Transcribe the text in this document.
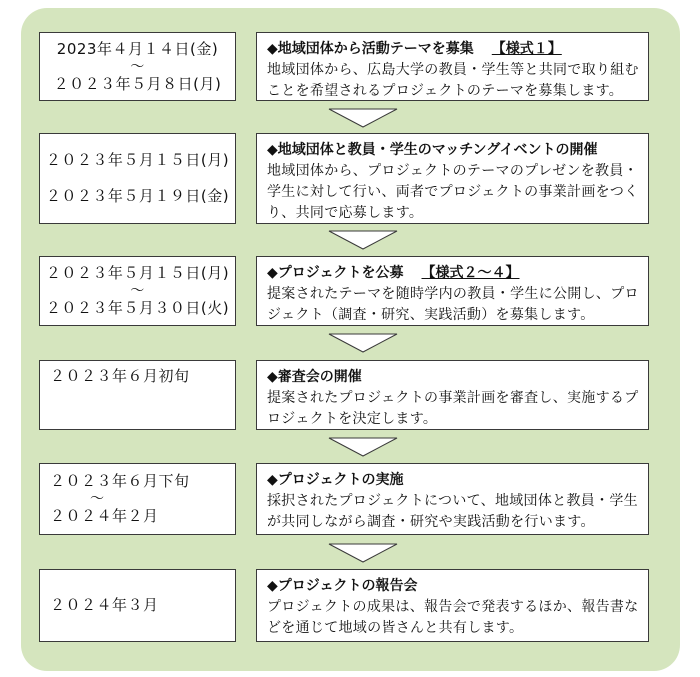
2023年４月１４日(金)
～
２０２３年５月８日(月)
◆地域団体から活動テーマを募集 【様式１】
地域団体から、広島大学の教員・学生等と共同で取り組むことを希望されるプロジェクトのテーマを募集します。
２０２３年５月１５日(月)
２０２３年５月１９日(金)
◆地域団体と教員・学生のマッチングイベントの開催
地域団体から、プロジェクトのテーマのプレゼンを教員・学生に対して行い、両者でプロジェクトの事業計画をつくり、共同で応募します。
２０２３年５月１５日(月)
～
２０２３年５月３０日(火)
◆プロジェクトを公募 【様式２～４】
提案されたテーマを随時学内の教員・学生に公開し、プロジェクト（調査・研究、実践活動）を募集します。
２０２３年６月初旬	◆審査会の開催
提案されたプロジェクトの事業計画を審査し、実施するプロジェクトを決定します。
２０２３年６月下旬
～
２０２４年２月
◆プロジェクトの実施
採択されたプロジェクトについて、地域団体と教員・学生が共同しながら調査・研究や実践活動を行います。
２０２４年３月
◆プロジェクトの報告会
プロジェクトの成果は、報告会で発表するほか、報告書などを通じて地域の皆さんと共有します。
